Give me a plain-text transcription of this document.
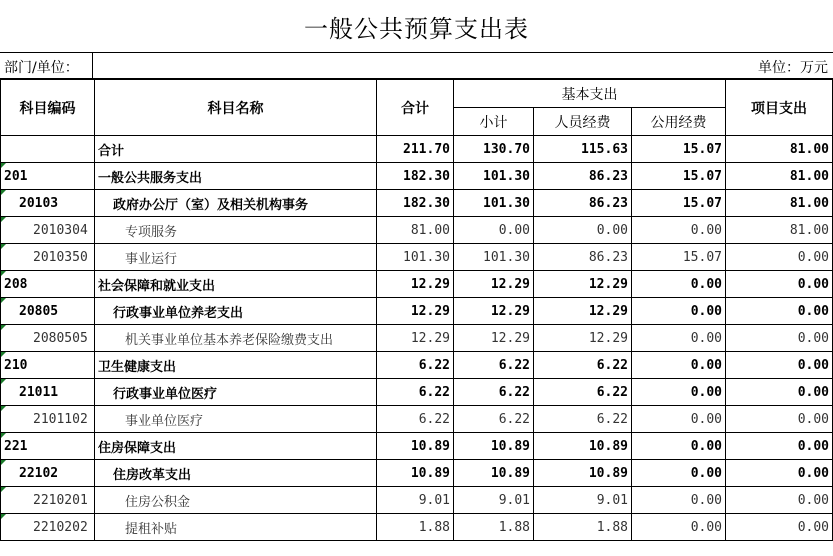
一般公共预算支出表
部门/单位：	单位：万元
科目编码	科目名称	合计	基本支出			项目支出
			小计	人员经费	公用经费	
	合计	211.70	130.70	115.63	15.07	81.00
201	一般公共服务支出	182.30	101.30	86.23	15.07	81.00
20103	政府办公厅（室）及相关机构事务	182.30	101.30	86.23	15.07	81.00
2010304	专项服务	81.00	0.00	0.00	0.00	81.00
2010350	事业运行	101.30	101.30	86.23	15.07	0.00
208	社会保障和就业支出	12.29	12.29	12.29	0.00	0.00
20805	行政事业单位养老支出	12.29	12.29	12.29	0.00	0.00
2080505	机关事业单位基本养老保险缴费支出	12.29	12.29	12.29	0.00	0.00
210	卫生健康支出	6.22	6.22	6.22	0.00	0.00
21011	行政事业单位医疗	6.22	6.22	6.22	0.00	0.00
2101102	事业单位医疗	6.22	6.22	6.22	0.00	0.00
221	住房保障支出	10.89	10.89	10.89	0.00	0.00
22102	住房改革支出	10.89	10.89	10.89	0.00	0.00
2210201	住房公积金	9.01	9.01	9.01	0.00	0.00
2210202	提租补贴	1.88	1.88	1.88	0.00	0.00
